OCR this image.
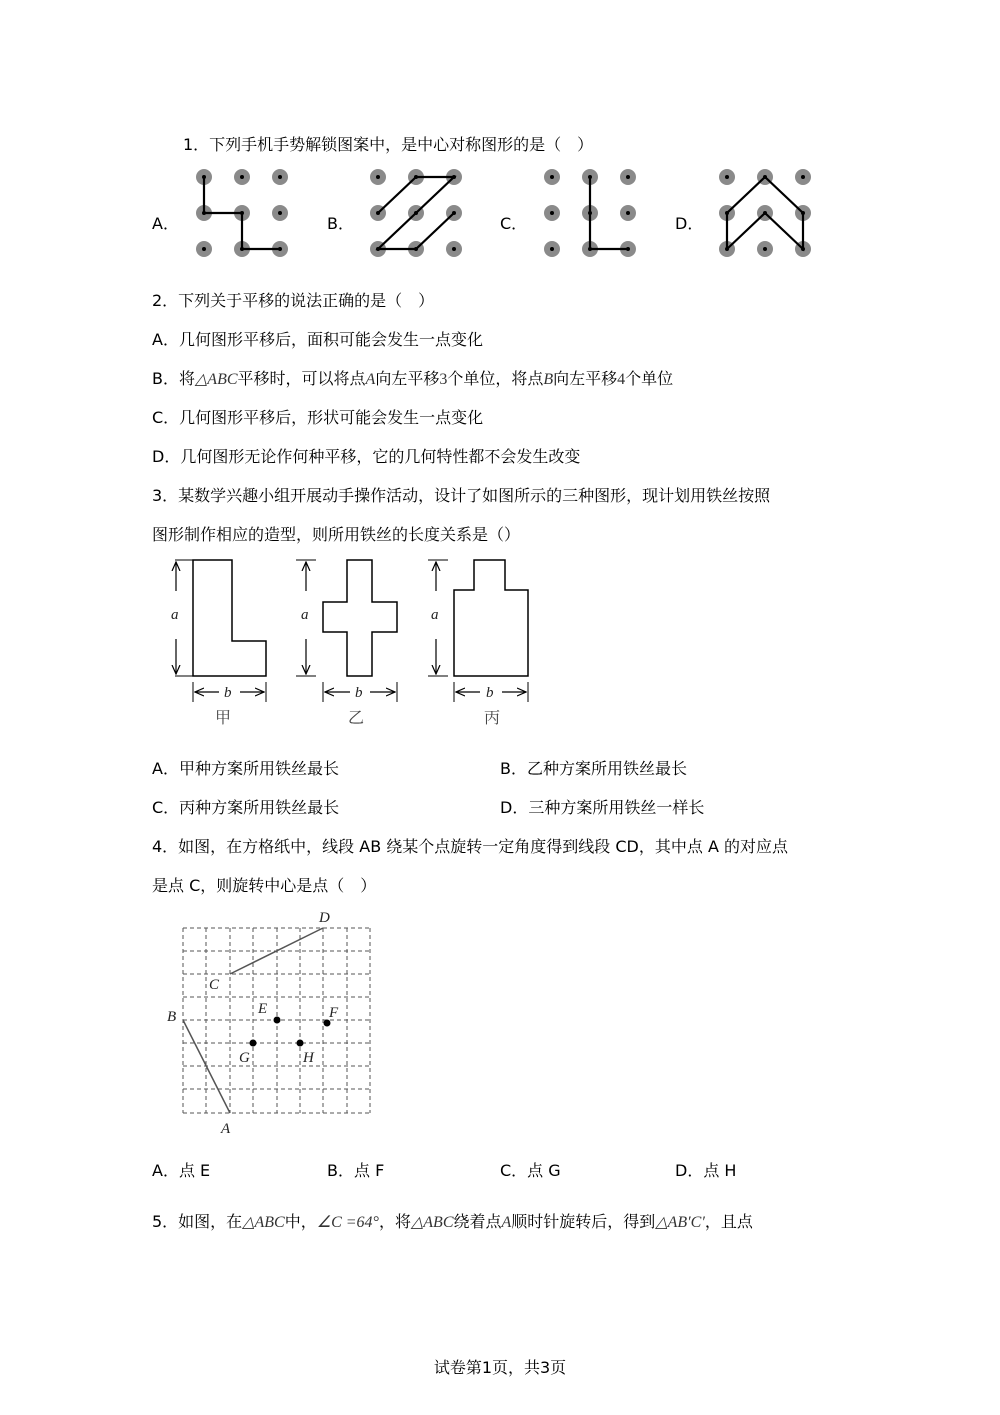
1．下列手机手势解锁图案中，是中心对称图形的是（　）
A．	B．	C．	D．
2．下列关于平移的说法正确的是（　）
A．几何图形平移后，面积可能会发生一点变化
B．将△ABC平移时，可以将点A向左平移3个单位，将点B向左平移4个单位
C．几何图形平移后，形状可能会发生一点变化
D．几何图形无论作何种平移，它的几何特性都不会发生改变
3．某数学兴趣小组开展动手操作活动，设计了如图所示的三种图形，现计划用铁丝按照
图形制作相应的造型，则所用铁丝的长度关系是（）
a	a	a
b	b	b
甲	乙	丙
A．甲种方案所用铁丝最长	B．乙种方案所用铁丝最长
C．丙种方案所用铁丝最长	D．三种方案所用铁丝一样长
4．如图，在方格纸中，线段 AB 绕某个点旋转一定角度得到线段 CD，其中点 A 的对应点
是点 C，则旋转中心是点（　）
D
C
B	E	F
G	H
A
A．点 E	B．点 F	C．点 G	D．点 H
5．如图，在△ABC中，∠C =64°，将△ABC绕着点A顺时针旋转后，得到△AB′C′，且点
试卷第1页，共3页
